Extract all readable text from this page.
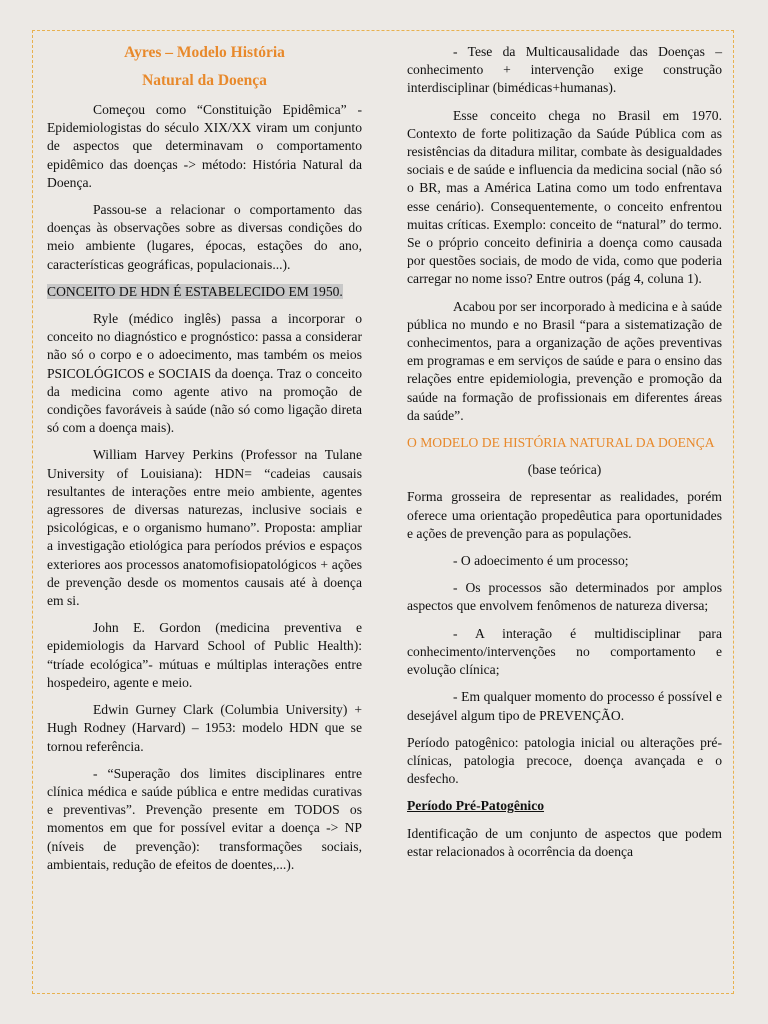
Ayres – Modelo História
Natural da Doença

Começou como “Constituição Epidêmica” - Epidemiologistas do século XIX/XX viram um conjunto de aspectos que determinavam o comportamento epidêmico das doenças -> método: História Natural da Doença.

Passou-se a relacionar o comportamento das doenças às observações sobre as diversas condições do meio ambiente (lugares, épocas, estações do ano, características geográficas, populacionais...).

CONCEITO DE HDN É ESTABELECIDO EM 1950.

Ryle (médico inglês) passa a incorporar o conceito no diagnóstico e prognóstico: passa a considerar não só o corpo e o adoecimento, mas também os meios PSICOLÓGICOS e SOCIAIS da doença. Traz o conceito da medicina como agente ativo na promoção de condições favoráveis à saúde (não só como ligação direta só com a doença mais).

William Harvey Perkins (Professor na Tulane University of Louisiana): HDN= “cadeias causais resultantes de interações entre meio ambiente, agentes agressores de diversas naturezas, inclusive sociais e psicológicas, e o organismo humano”. Proposta: ampliar a investigação etiológica para períodos prévios e espaços exteriores aos processos anatomofisiopatológicos + ações de prevenção desde os momentos causais até à doença em si.

John E. Gordon (medicina preventiva e epidemiologis da Harvard School of Public Health): “tríade ecológica”- mútuas e múltiplas interações entre hospedeiro, agente e meio.

Edwin Gurney Clark (Columbia University) + Hugh Rodney (Harvard) – 1953: modelo HDN que se tornou referência.

- “Superação dos limites disciplinares entre clínica médica e saúde pública e entre medidas curativas e preventivas”. Prevenção presente em TODOS os momentos em que for possível evitar a doença -> NP (níveis de prevenção): transformações sociais, ambientais, redução de efeitos de doentes,...).

- Tese da Multicausalidade das Doenças – conhecimento + intervenção exige construção interdisciplinar (bimédicas+humanas).

Esse conceito chega no Brasil em 1970. Contexto de forte politização da Saúde Pública com as resistências da ditadura militar, combate às desigualdades sociais e de saúde e influencia da medicina social (não só o BR, mas a América Latina como um todo enfrentava esse cenário). Consequentemente, o conceito enfrentou muitas críticas. Exemplo: conceito de “natural” do termo. Se o próprio conceito definiria a doença como causada por questões sociais, de modo de vida, como que poderia carregar no nome isso? Entre outros (pág 4, coluna 1).

Acabou por ser incorporado à medicina e à saúde pública no mundo e no Brasil “para a sistematização de conhecimentos, para a organização de ações preventivas em programas e em serviços de saúde e para o ensino das relações entre epidemiologia, prevenção e promoção da saúde na formação de profissionais em diferentes áreas da saúde”.

O MODELO DE HISTÓRIA NATURAL DA DOENÇA

(base teórica)

Forma grosseira de representar as realidades, porém oferece uma orientação propedêutica para oportunidades e ações de prevenção para as populações.

- O adoecimento é um processo;

- Os processos são determinados por amplos aspectos que envolvem fenômenos de natureza diversa;

- A interação é multidisciplinar para conhecimento/intervenções no comportamento e evolução clínica;

- Em qualquer momento do processo é possível e desejável algum tipo de PREVENÇÃO.

Período patogênico: patologia inicial ou alterações pré-clínicas, patologia precoce, doença avançada e o desfecho.

Período Pré-Patogênico

Identificação de um conjunto de aspectos que podem estar relacionados à ocorrência da doença
